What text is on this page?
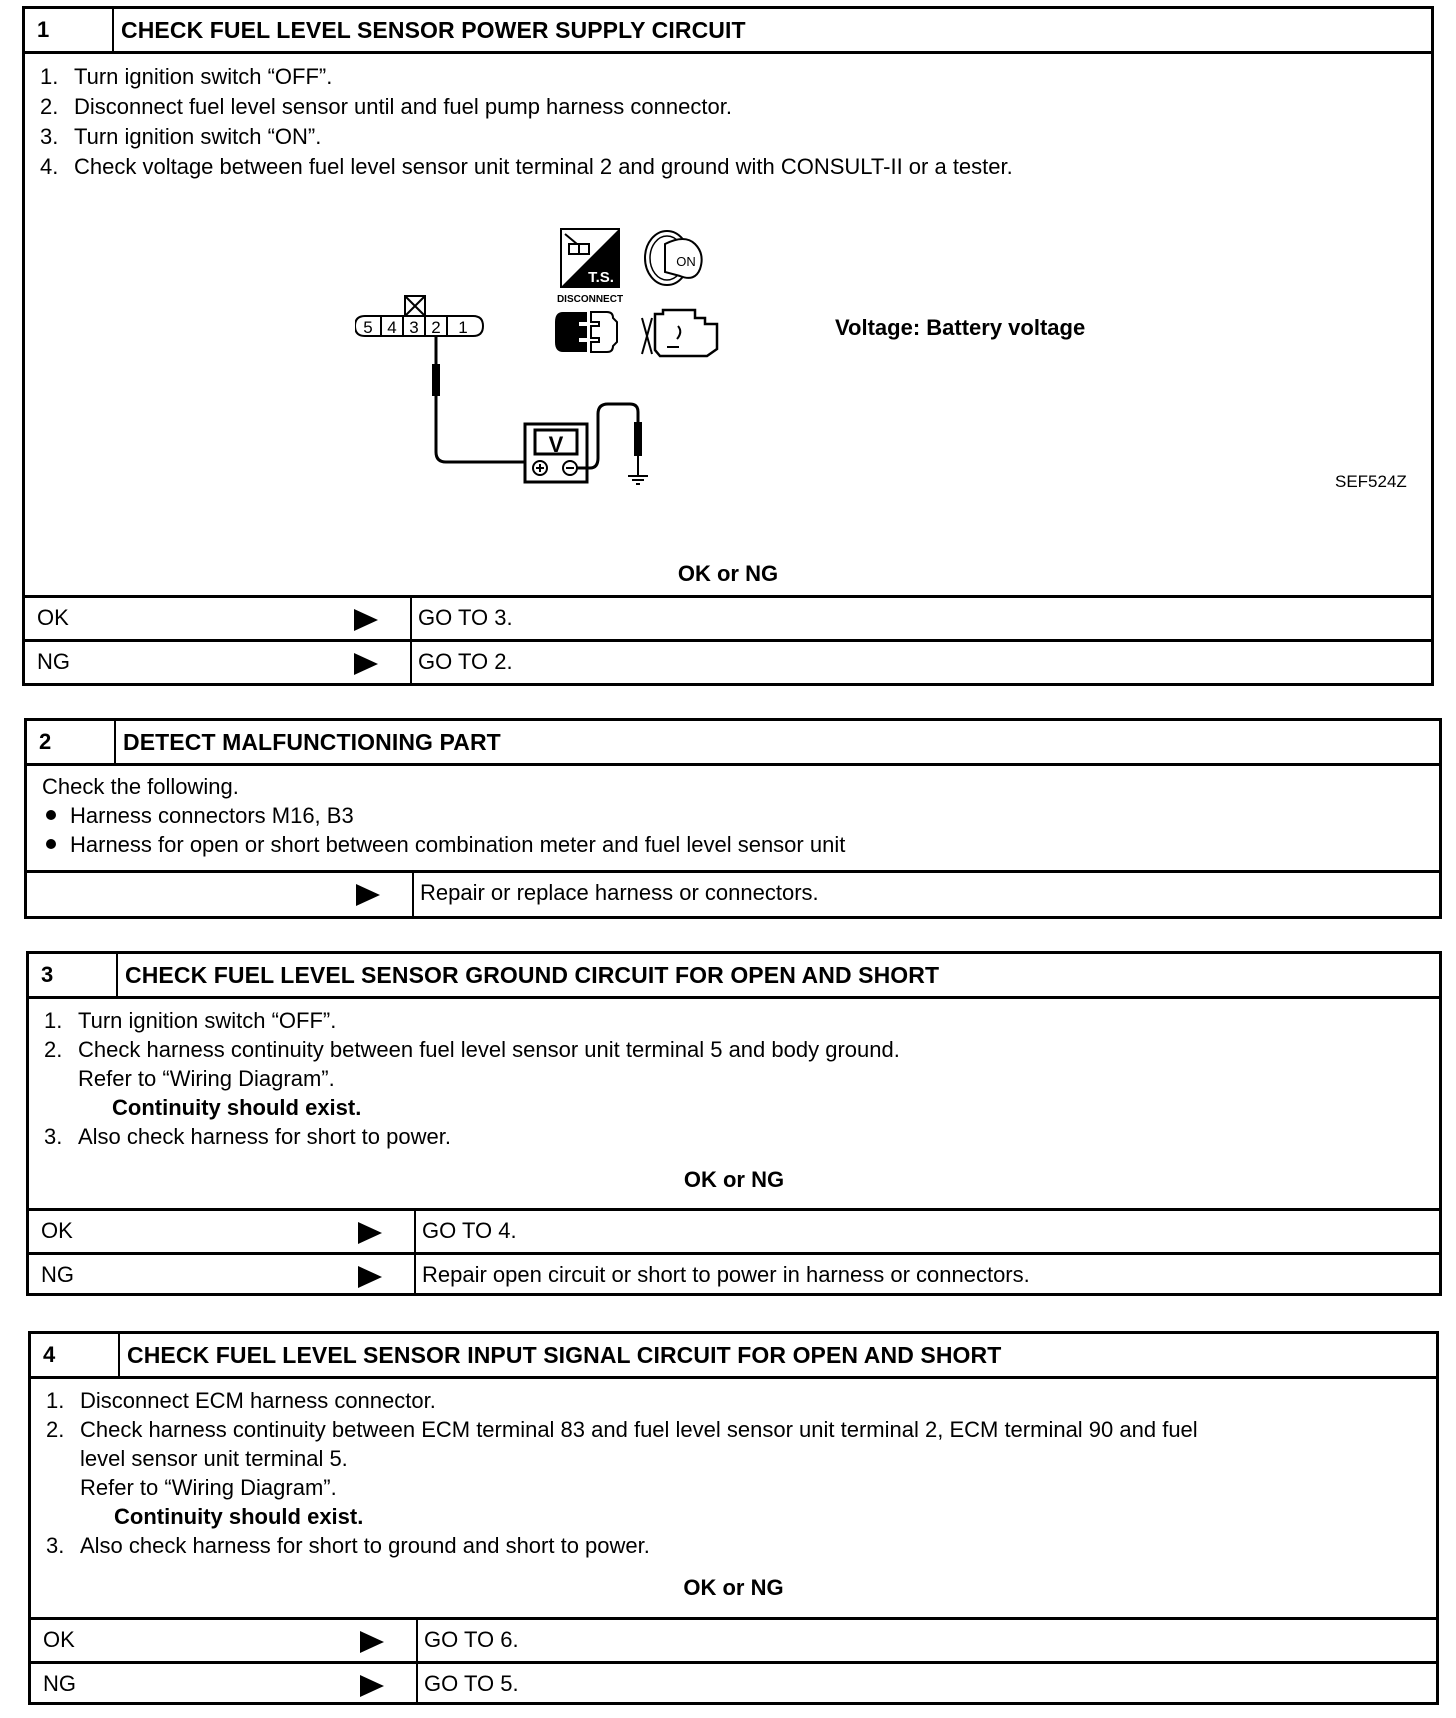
1	CHECK FUEL LEVEL SENSOR POWER SUPPLY CIRCUIT
1. Turn ignition switch “OFF”.
2. Disconnect fuel level sensor until and fuel pump harness connector.
3. Turn ignition switch “ON”.
4. Check voltage between fuel level sensor unit terminal 2 and ground with CONSULT-II or a tester.
5 4 3 2 1
V
T.S.
ON
DISCONNECT
Voltage: Battery voltage
SEF524Z
OK or NG
OK	GO TO 3.
NG	GO TO 2.
2	DETECT MALFUNCTIONING PART
Check the following.
Harness connectors M16, B3
Harness for open or short between combination meter and fuel level sensor unit
Repair or replace harness or connectors.
3	CHECK FUEL LEVEL SENSOR GROUND CIRCUIT FOR OPEN AND SHORT
1. Turn ignition switch “OFF”.
2. Check harness continuity between fuel level sensor unit terminal 5 and body ground.
Refer to “Wiring Diagram”.
Continuity should exist.
3. Also check harness for short to power.
OK or NG
OK	GO TO 4.
NG	Repair open circuit or short to power in harness or connectors.
4	CHECK FUEL LEVEL SENSOR INPUT SIGNAL CIRCUIT FOR OPEN AND SHORT
1. Disconnect ECM harness connector.
2. Check harness continuity between ECM terminal 83 and fuel level sensor unit terminal 2, ECM terminal 90 and fuel
level sensor unit terminal 5.
Refer to “Wiring Diagram”.
Continuity should exist.
3. Also check harness for short to ground and short to power.
OK or NG
OK	GO TO 6.
NG	GO TO 5.
